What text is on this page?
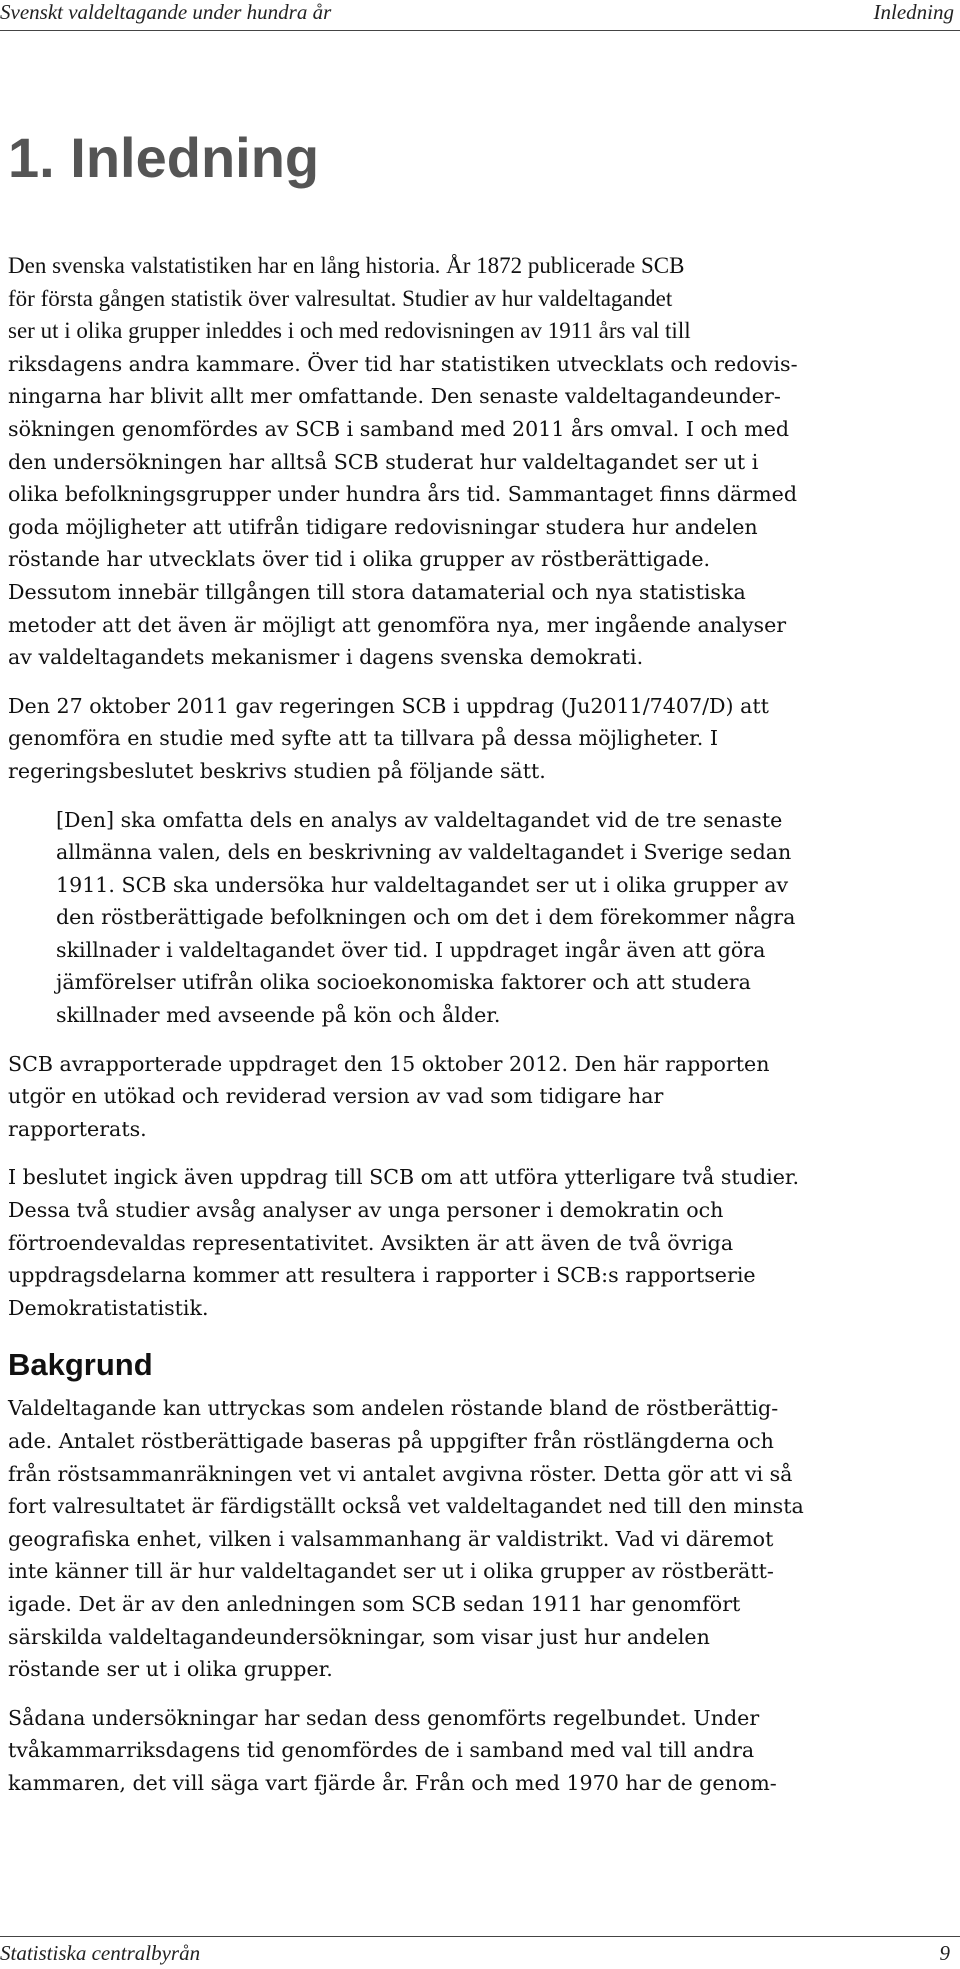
Svenskt valdeltagande under hundra år	Inledning
1. Inledning
Den svenska valstatistiken har en lång historia. År 1872 publicerade SCB
för första gången statistik över valresultat. Studier av hur valdeltagandet
ser ut i olika grupper inleddes i och med redovisningen av 1911 års val till
riksdagens andra kammare. Över tid har statistiken utvecklats och redovis-
ningarna har blivit allt mer omfattande. Den senaste valdeltagandeunder-
sökningen genomfördes av SCB i samband med 2011 års omval. I och med
den undersökningen har alltså SCB studerat hur valdeltagandet ser ut i
olika befolkningsgrupper under hundra års tid. Sammantaget finns därmed
goda möjligheter att utifrån tidigare redovisningar studera hur andelen
röstande har utvecklats över tid i olika grupper av röstberättigade.
Dessutom innebär tillgången till stora datamaterial och nya statistiska
metoder att det även är möjligt att genomföra nya, mer ingående analyser
av valdeltagandets mekanismer i dagens svenska demokrati.
Den 27 oktober 2011 gav regeringen SCB i uppdrag (Ju2011/7407/D) att
genomföra en studie med syfte att ta tillvara på dessa möjligheter. I
regeringsbeslutet beskrivs studien på följande sätt.
[Den] ska omfatta dels en analys av valdeltagandet vid de tre senaste
allmänna valen, dels en beskrivning av valdeltagandet i Sverige sedan
1911. SCB ska undersöka hur valdeltagandet ser ut i olika grupper av
den röstberättigade befolkningen och om det i dem förekommer några
skillnader i valdeltagandet över tid. I uppdraget ingår även att göra
jämförelser utifrån olika socioekonomiska faktorer och att studera
skillnader med avseende på kön och ålder.
SCB avrapporterade uppdraget den 15 oktober 2012. Den här rapporten
utgör en utökad och reviderad version av vad som tidigare har
rapporterats.
I beslutet ingick även uppdrag till SCB om att utföra ytterligare två studier.
Dessa två studier avsåg analyser av unga personer i demokratin och
förtroendevaldas representativitet. Avsikten är att även de två övriga
uppdragsdelarna kommer att resultera i rapporter i SCB:s rapportserie
Demokratistatistik.
Bakgrund
Valdeltagande kan uttryckas som andelen röstande bland de röstberättig-
ade. Antalet röstberättigade baseras på uppgifter från röstlängderna och
från röstsammanräkningen vet vi antalet avgivna röster. Detta gör att vi så
fort valresultatet är färdigställt också vet valdeltagandet ned till den minsta
geografiska enhet, vilken i valsammanhang är valdistrikt. Vad vi däremot
inte känner till är hur valdeltagandet ser ut i olika grupper av röstberätt-
igade. Det är av den anledningen som SCB sedan 1911 har genomfört
särskilda valdeltagandeundersökningar, som visar just hur andelen
röstande ser ut i olika grupper.
Sådana undersökningar har sedan dess genomförts regelbundet. Under
tvåkammarriksdagens tid genomfördes de i samband med val till andra
kammaren, det vill säga vart fjärde år. Från och med 1970 har de genom-
Statistiska centralbyrån	9
